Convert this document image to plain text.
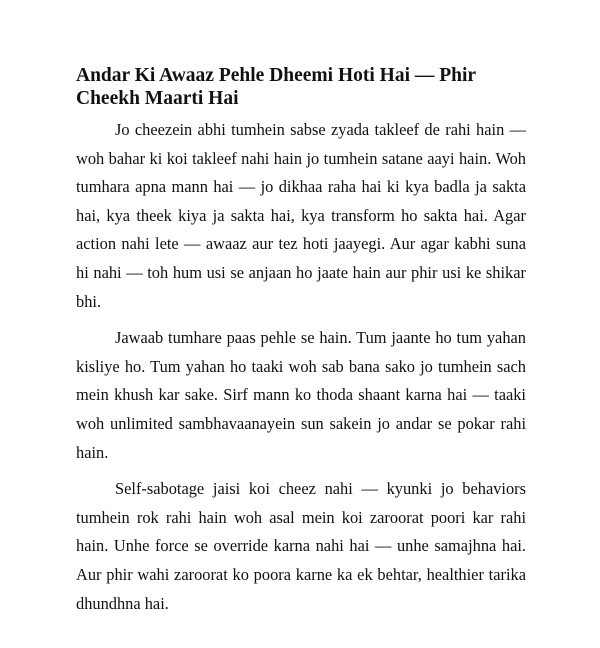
Andar Ki Awaaz Pehle Dheemi Hoti Hai — Phir Cheekh Maarti Hai

Jo cheezein abhi tumhein sabse zyada takleef de rahi hain — woh bahar ki koi takleef nahi hain jo tumhein satane aayi hain. Woh tumhara apna mann hai — jo dikhaa raha hai ki kya badla ja sakta hai, kya theek kiya ja sakta hai, kya transform ho sakta hai. Agar action nahi lete — awaaz aur tez hoti jaayegi. Aur agar kabhi suna hi nahi — toh hum usi se anjaan ho jaate hain aur phir usi ke shikar bhi.

Jawaab tumhare paas pehle se hain. Tum jaante ho tum yahan kisliye ho. Tum yahan ho taaki woh sab bana sako jo tumhein sach mein khush kar sake. Sirf mann ko thoda shaant karna hai — taaki woh unlimited sambhavaanayein sun sakein jo andar se pokar rahi hain.

Self-sabotage jaisi koi cheez nahi — kyunki jo behaviors tumhein rok rahi hain woh asal mein koi zaroorat poori kar rahi hain. Unhe force se override karna nahi hai — unhe samajhna hai. Aur phir wahi zaroorat ko poora karne ka ek behtar, healthier tarika dhundhna hai.
